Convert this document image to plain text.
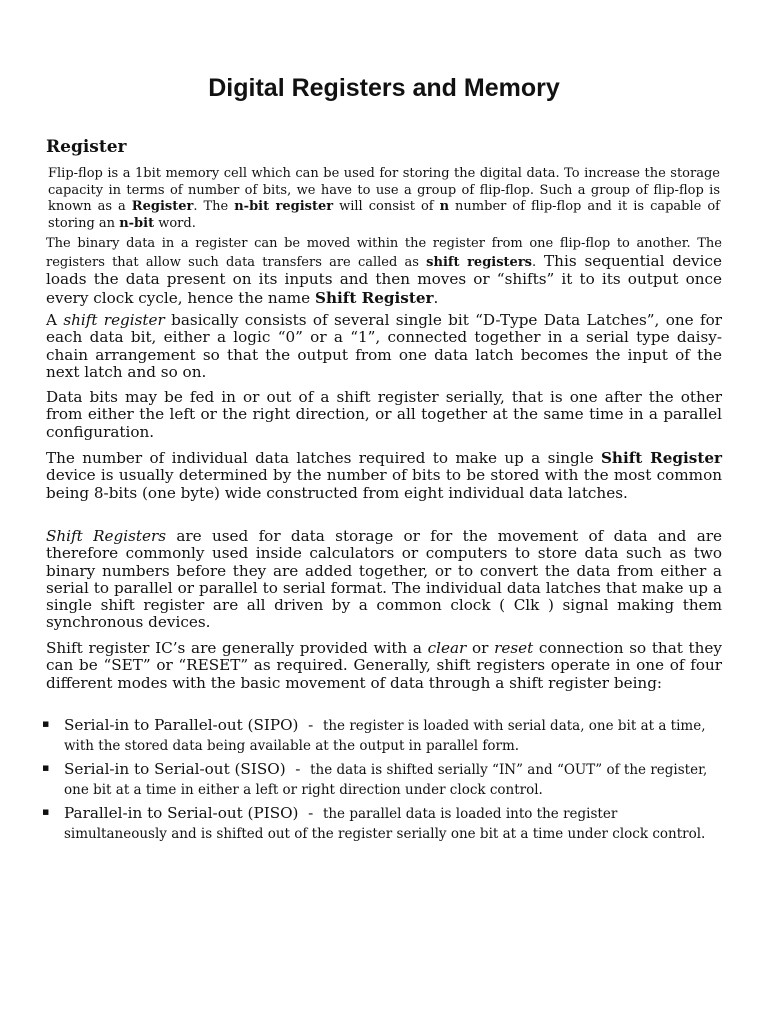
Digital Registers and Memory
Register

Flip-flop is a 1bit memory cell which can be used for storing the digital data. To increase the storage capacity in terms of number of bits, we have to use a group of flip-flop. Such a group of flip-flop is known as a Register. The n-bit register will consist of n number of flip-flop and it is capable of storing an n-bit word.

The binary data in a register can be moved within the register from one flip-flop to another. The registers that allow such data transfers are called as shift registers. This sequential device loads the data present on its inputs and then moves or “shifts” it to its output once every clock cycle, hence the name Shift Register.

A shift register basically consists of several single bit “D-Type Data Latches”, one for each data bit, either a logic “0” or a “1”, connected together in a serial type daisy-chain arrangement so that the output from one data latch becomes the input of the next latch and so on.

Data bits may be fed in or out of a shift register serially, that is one after the other from either the left or the right direction, or all together at the same time in a parallel configuration.

The number of individual data latches required to make up a single Shift Register device is usually determined by the number of bits to be stored with the most common being 8-bits (one byte) wide constructed from eight individual data latches.

Shift Registers are used for data storage or for the movement of data and are therefore commonly used inside calculators or computers to store data such as two binary numbers before they are added together, or to convert the data from either a serial to parallel or parallel to serial format. The individual data latches that make up a single shift register are all driven by a common clock ( Clk ) signal making them synchronous devices.

Shift register IC’s are generally provided with a clear or reset connection so that they can be “SET” or “RESET” as required. Generally, shift registers operate in one of four different modes with the basic movement of data through a shift register being:

▪ Serial-in to Parallel-out (SIPO)  -  the register is loaded with serial data, one bit at a time, with the stored data being available at the output in parallel form.
▪ Serial-in to Serial-out (SISO)  -  the data is shifted serially “IN” and “OUT” of the register, one bit at a time in either a left or right direction under clock control.
▪ Parallel-in to Serial-out (PISO)  -  the parallel data is loaded into the register simultaneously and is shifted out of the register serially one bit at a time under clock control.
